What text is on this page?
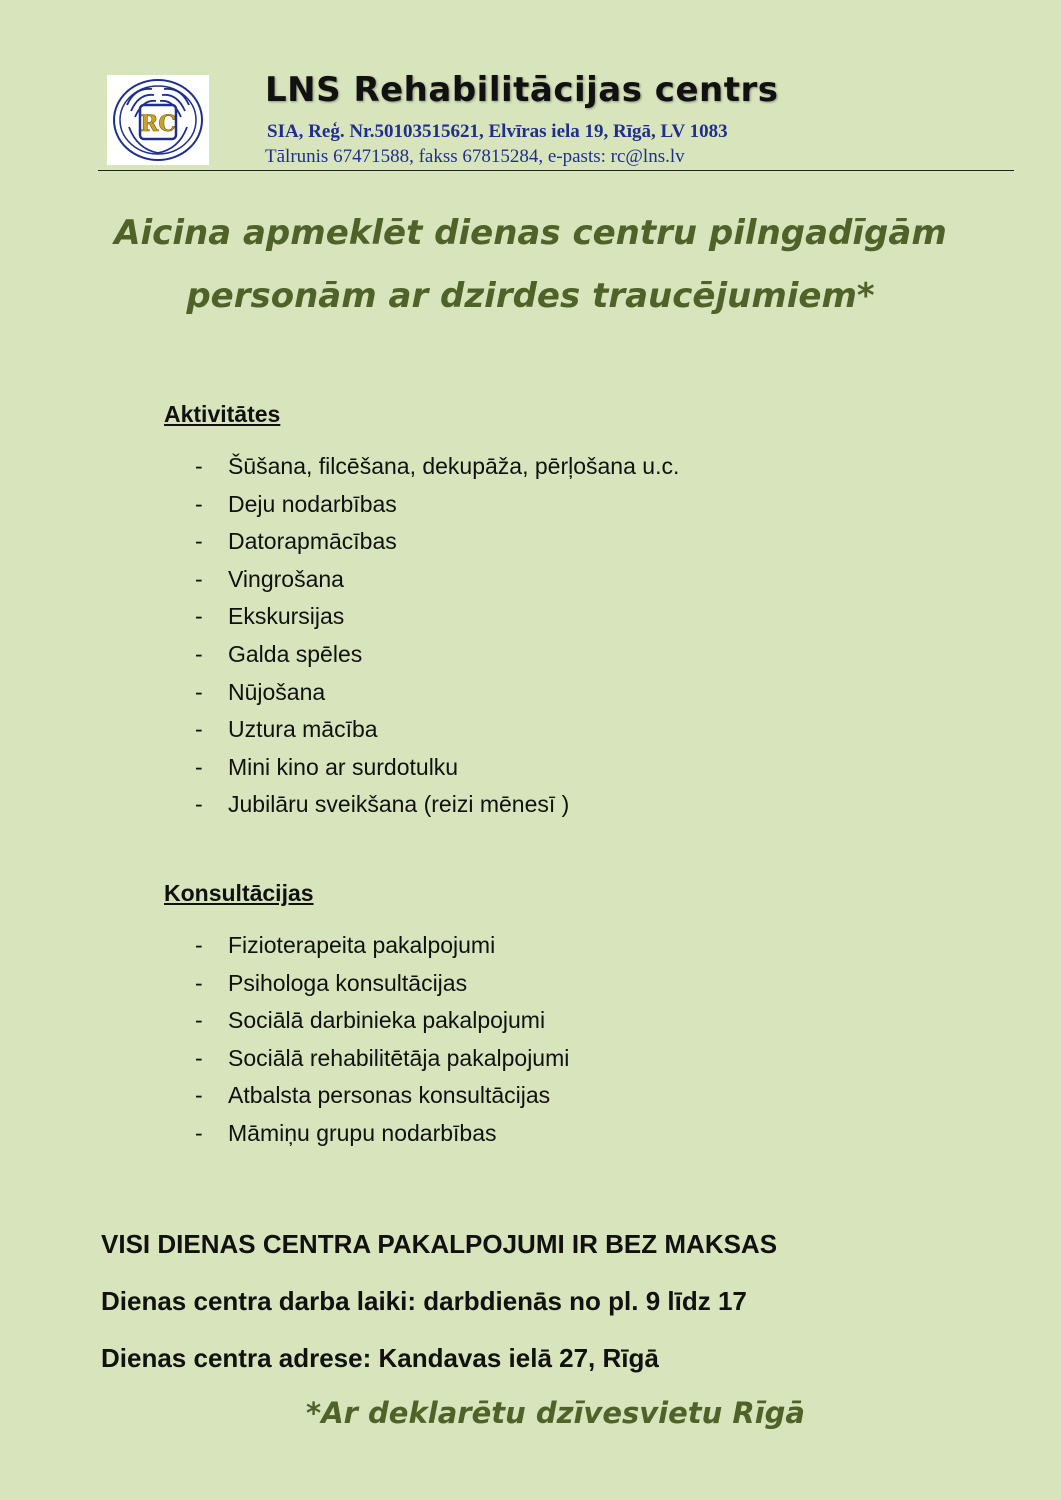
RC
LNS Rehabilitācijas centrs
SIA, Reģ. Nr.50103515621, Elvīras iela 19, Rīgā, LV 1083
Tālrunis 67471588, fakss 67815284, e-pasts: rc@lns.lv
Aicina apmeklēt dienas centru pilngadīgām
personām ar dzirdes traucējumiem*
Aktivitātes
- Šūšana, filcēšana, dekupāža, pērļošana u.c.
- Deju nodarbības
- Datorapmācības
- Vingrošana
- Ekskursijas
- Galda spēles
- Nūjošana
- Uztura mācība
- Mini kino ar surdotulku
- Jubilāru sveikšana (reizi mēnesī )
Konsultācijas
- Fizioterapeita pakalpojumi
- Psihologa konsultācijas
- Sociālā darbinieka pakalpojumi
- Sociālā rehabilitētāja pakalpojumi
- Atbalsta personas konsultācijas
- Māmiņu grupu nodarbības
VISI DIENAS CENTRA PAKALPOJUMI IR BEZ MAKSAS
Dienas centra darba laiki: darbdienās no pl. 9 līdz 17
Dienas centra adrese: Kandavas ielā 27, Rīgā
*Ar deklarētu dzīvesvietu Rīgā
